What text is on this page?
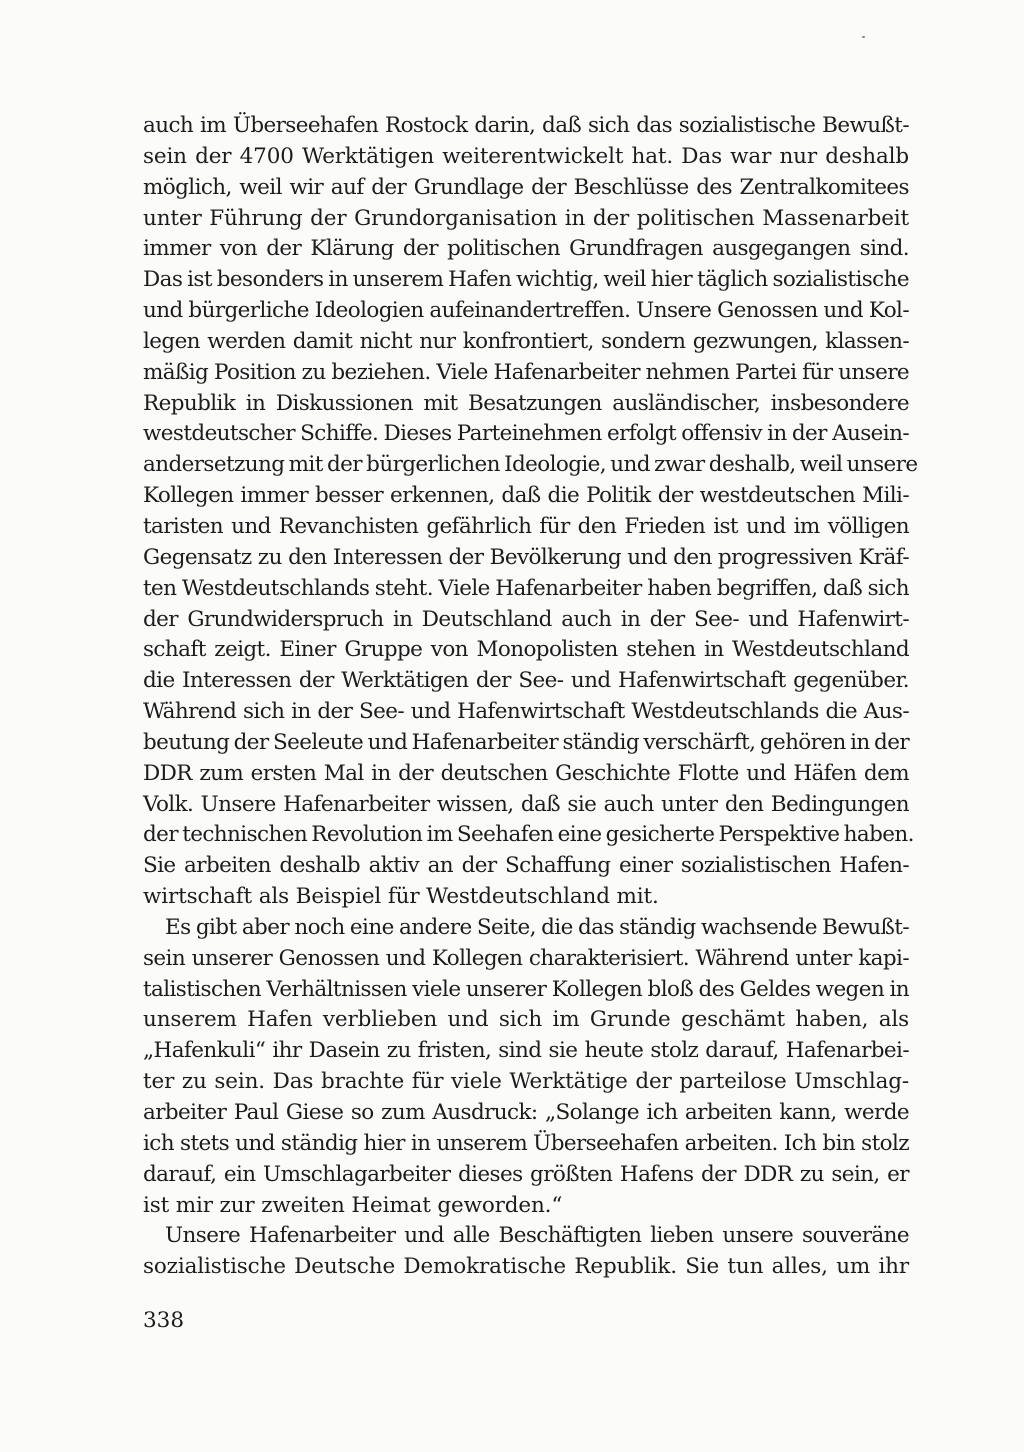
auch im Überseehafen Rostock darin, daß sich das sozialistische Bewußt-
sein der 4700 Werktätigen weiterentwickelt hat. Das war nur deshalb
möglich, weil wir auf der Grundlage der Beschlüsse des Zentralkomitees
unter Führung der Grundorganisation in der politischen Massenarbeit
immer von der Klärung der politischen Grundfragen ausgegangen sind.
Das ist besonders in unserem Hafen wichtig, weil hier täglich sozialistische
und bürgerliche Ideologien aufeinandertreffen. Unsere Genossen und Kol-
legen werden damit nicht nur konfrontiert, sondern gezwungen, klassen-
mäßig Position zu beziehen. Viele Hafenarbeiter nehmen Partei für unsere
Republik in Diskussionen mit Besatzungen ausländischer, insbesondere
westdeutscher Schiffe. Dieses Parteinehmen erfolgt offensiv in der Ausein-
andersetzung mit der bürgerlichen Ideologie, und zwar deshalb, weil unsere
Kollegen immer besser erkennen, daß die Politik der westdeutschen Mili-
taristen und Revanchisten gefährlich für den Frieden ist und im völligen
Gegensatz zu den Interessen der Bevölkerung und den progressiven Kräf-
ten Westdeutschlands steht. Viele Hafenarbeiter haben begriffen, daß sich
der Grundwiderspruch in Deutschland auch in der See- und Hafenwirt-
schaft zeigt. Einer Gruppe von Monopolisten stehen in Westdeutschland
die Interessen der Werktätigen der See- und Hafenwirtschaft gegenüber.
Während sich in der See- und Hafenwirtschaft Westdeutschlands die Aus-
beutung der Seeleute und Hafenarbeiter ständig verschärft, gehören in der
DDR zum ersten Mal in der deutschen Geschichte Flotte und Häfen dem
Volk. Unsere Hafenarbeiter wissen, daß sie auch unter den Bedingungen
der technischen Revolution im Seehafen eine gesicherte Perspektive haben.
Sie arbeiten deshalb aktiv an der Schaffung einer sozialistischen Hafen-
wirtschaft als Beispiel für Westdeutschland mit.

Es gibt aber noch eine andere Seite, die das ständig wachsende Bewußt-
sein unserer Genossen und Kollegen charakterisiert. Während unter kapi-
talistischen Verhältnissen viele unserer Kollegen bloß des Geldes wegen in
unserem Hafen verblieben und sich im Grunde geschämt haben, als
„Hafenkuli“ ihr Dasein zu fristen, sind sie heute stolz darauf, Hafenarbei-
ter zu sein. Das brachte für viele Werktätige der parteilose Umschlag-
arbeiter Paul Giese so zum Ausdruck: „Solange ich arbeiten kann, werde
ich stets und ständig hier in unserem Überseehafen arbeiten. Ich bin stolz
darauf, ein Umschlagarbeiter dieses größten Hafens der DDR zu sein, er
ist mir zur zweiten Heimat geworden.“

Unsere Hafenarbeiter und alle Beschäftigten lieben unsere souveräne
sozialistische Deutsche Demokratische Republik. Sie tun alles, um ihr

338
